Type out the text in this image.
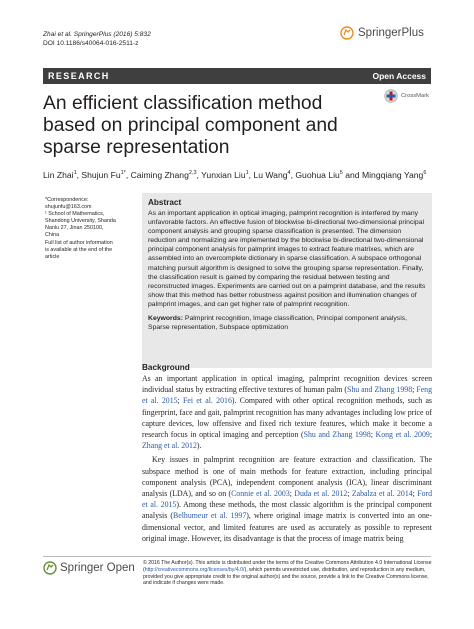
Zhai et al. SpringerPlus (2016) 5:832
DOI 10.1186/s40064-016-2511-z
SpringerPlus
RESEARCH	Open Access
An efficient classification method based on principal component and sparse representation
CrossMark
Lin Zhai$^1$, Shujun $Fu^{1*}$, Caiming Zhang$^{2,3}$, Yunxian Liu$^1$, Lu Wang$^4$, Guohua Liu$^5$ and Mingqiang Yang$^6$
*Correspondence:
shujunfu@163.com
¹ School of Mathematics,
Shandong University, Shanda
Nanlu 27, Jinan 250100,
China
Full list of author information
is available at the end of the
article
Abstract
As an important application in optical imaging, palmprint recognition is interfered by many unfavorable factors. An effective fusion of blockwise bi-directional two-dimensional principal component analysis and grouping sparse classification is presented. The dimension reduction and normalizing are implemented by the blockwise bi-directional two-dimensional principal component analysis for palmprint images to extract feature matrixes, which are assembled into an overcomplete dictionary in sparse classification. A subspace orthogonal matching pursuit algorithm is designed to solve the grouping sparse representation. Finally, the classification result is gained by comparing the residual between testing and reconstructed images. Experiments are carried out on a palmprint database, and the results show that this method has better robustness against position and illumination changes of palmprint images, and can get higher rate of palmprint recognition.
Keywords: Palmprint recognition, Image classification, Principal component analysis, Sparse representation, Subspace optimization
Background

As an important application in optical imaging, palmprint recognition devices screen individual status by extracting effective textures of human palm (Shu and Zhang 1998; Feng et al. 2015; Fei et al. 2016). Compared with other optical recognition methods, such as fingerprint, face and gait, palmprint recognition has many advantages including low price of capture devices, low offensive and fixed rich texture features, which make it become a research focus in optical imaging and perception (Shu and Zhang 1998; Kong et al. 2009; Zhang et al. 2012).

Key issues in palmprint recognition are feature extraction and classification. The subspace method is one of main methods for feature extraction, including principal component analysis (PCA), independent component analysis (ICA), linear discriminant analysis (LDA), and so on (Connie et al. 2003; Duda et al. 2012; Zabalza et al. 2014; Ford et al. 2015). Among these methods, the most classic algorithm is the principal component analysis (Belhumeur et al. 1997), where original image matrix is converted into an one-dimensional vector, and limited features are used as accurately as possible to represent original image. However, its disadvantage is that the process of image matrix being

Springer Open © 2016 The Author(s). This article is distributed under the terms of the Creative Commons Attribution 4.0 International License (http://creativecommons.org/licenses/by/4.0/), which permits unrestricted use, distribution, and reproduction in any medium, provided you give appropriate credit to the original author(s) and the source, provide a link to the Creative Commons license, and indicate if changes were made.
